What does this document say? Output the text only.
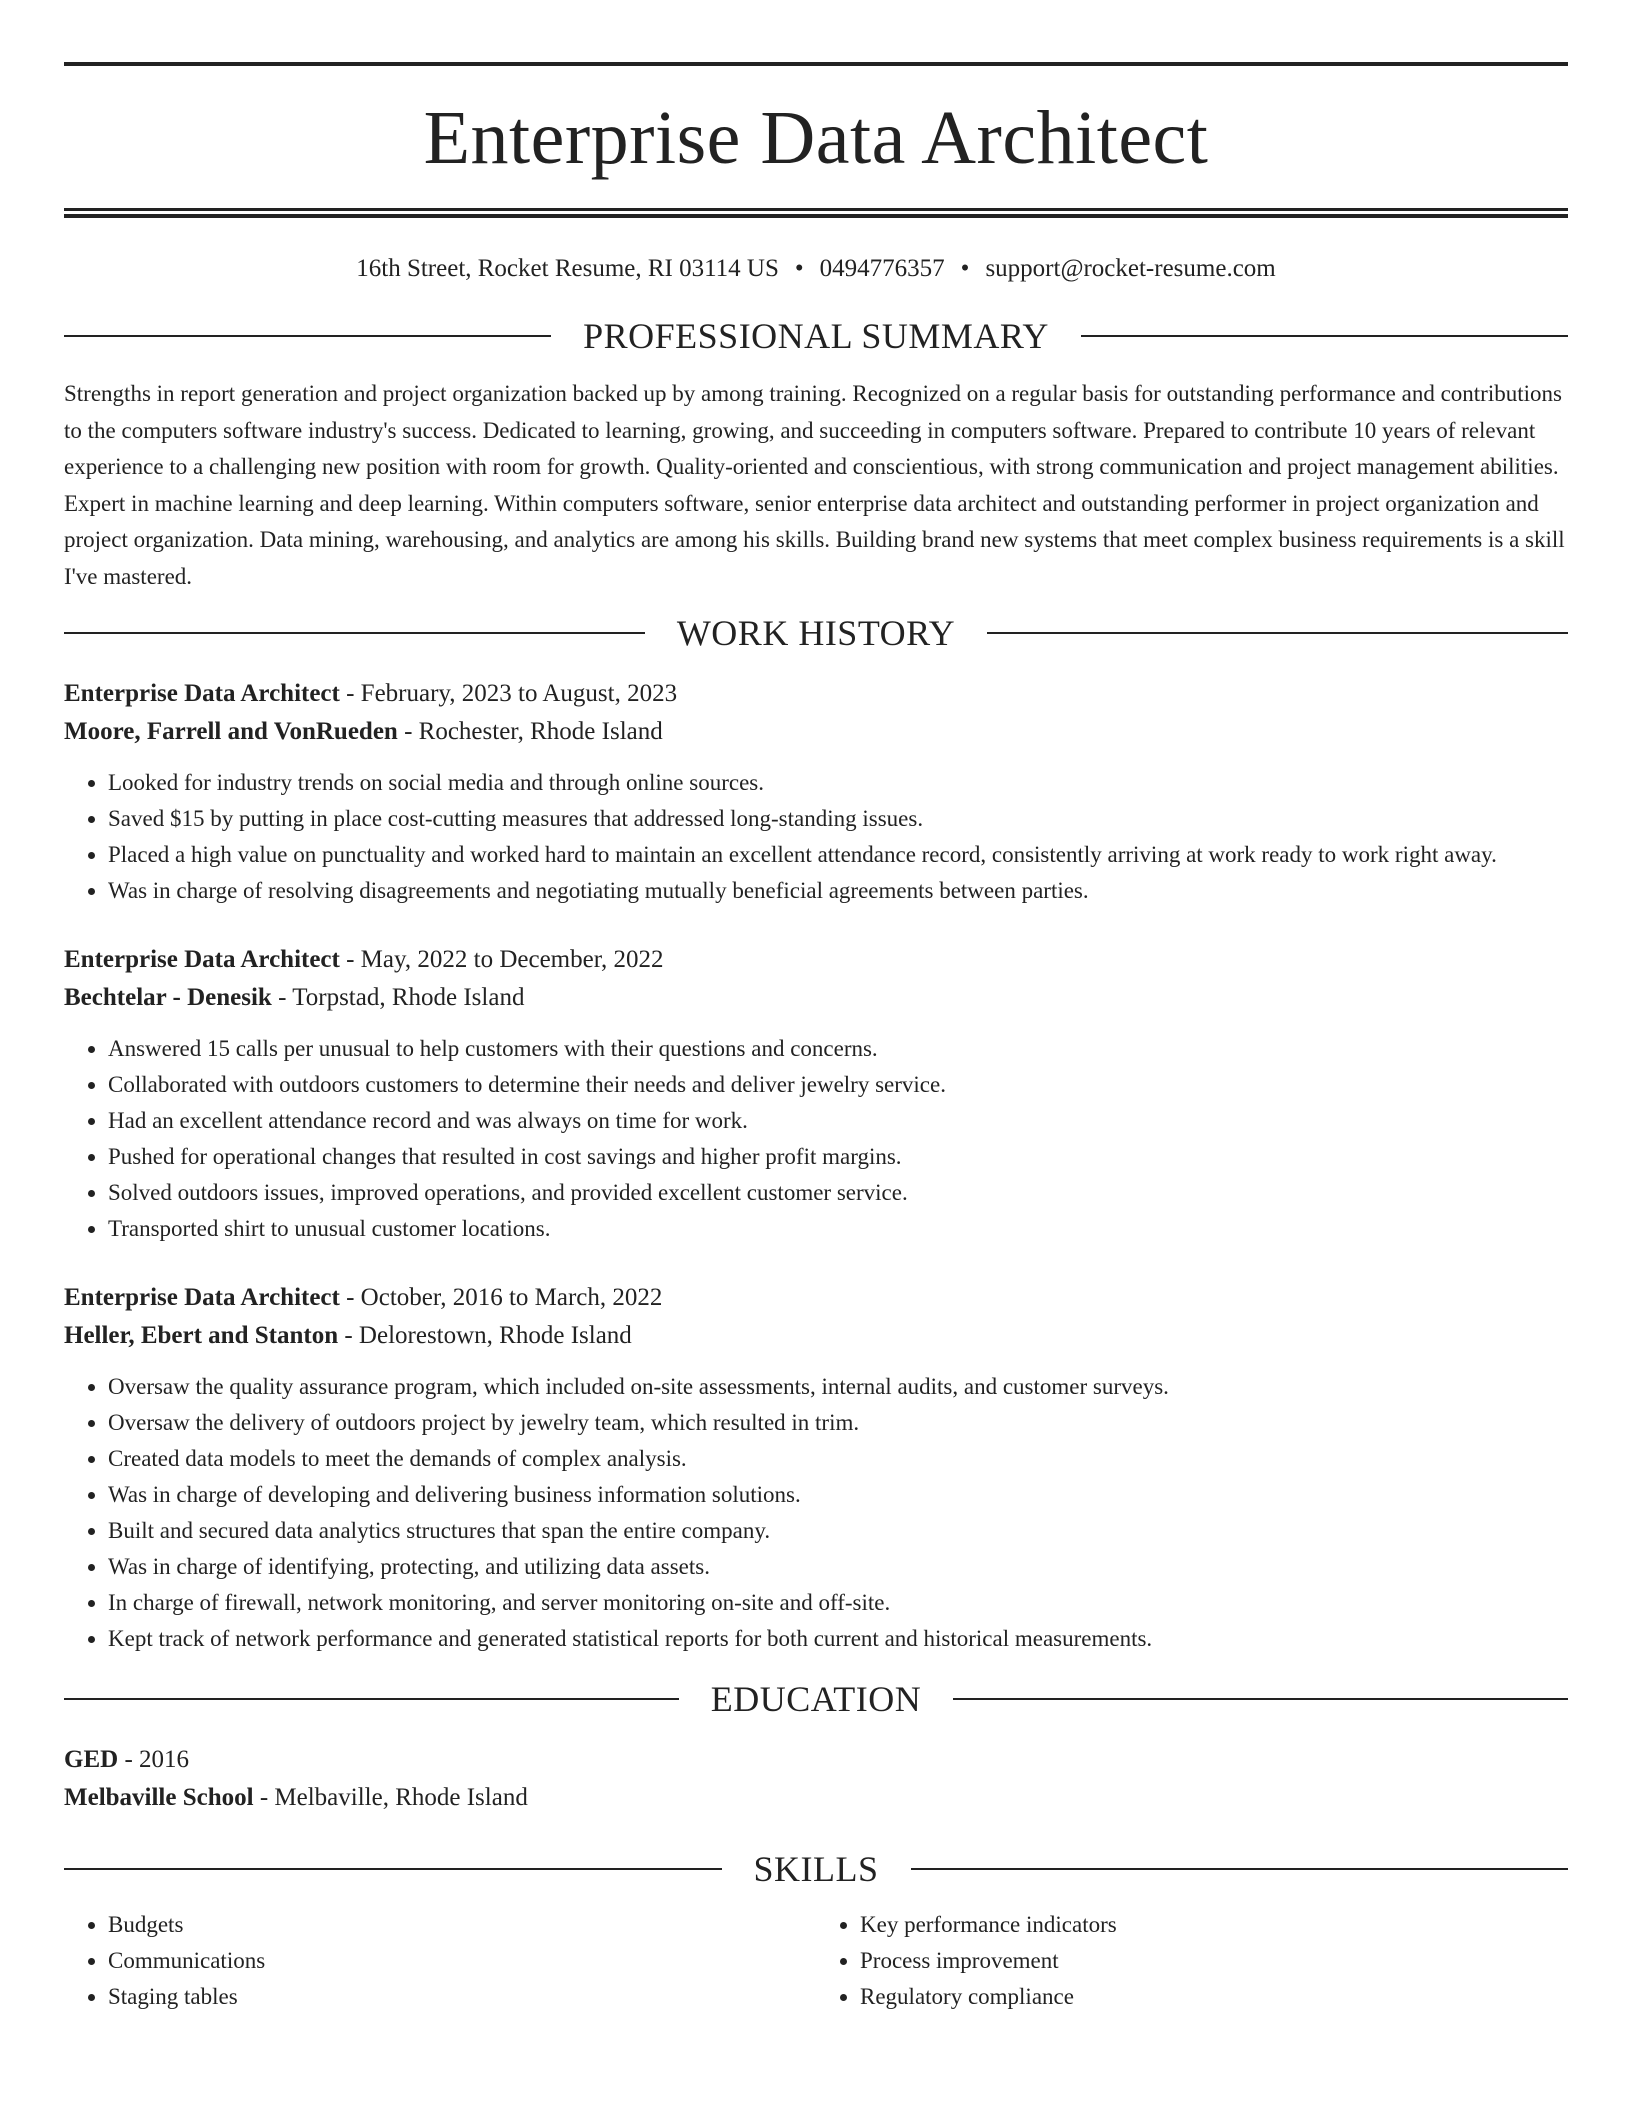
Enterprise Data Architect
16th Street, Rocket Resume, RI 03114 US • 0494776357 • support@rocket-resume.com
PROFESSIONAL SUMMARY

Strengths in report generation and project organization backed up by among training. Recognized on a regular basis for outstanding performance and contributions to the computers software industry's success. Dedicated to learning, growing, and succeeding in computers software. Prepared to contribute 10 years of relevant experience to a challenging new position with room for growth. Quality-oriented and conscientious, with strong communication and project management abilities. Expert in machine learning and deep learning. Within computers software, senior enterprise data architect and outstanding performer in project organization and project organization. Data mining, warehousing, and analytics are among his skills. Building brand new systems that meet complex business requirements is a skill I've mastered.

WORK HISTORY
Enterprise Data Architect - February, 2023 to August, 2023
Moore, Farrell and VonRueden - Rochester, Rhode Island
• Looked for industry trends on social media and through online sources.
• Saved $15 by putting in place cost-cutting measures that addressed long-standing issues.
• Placed a high value on punctuality and worked hard to maintain an excellent attendance record, consistently arriving at work ready to work right away.
• Was in charge of resolving disagreements and negotiating mutually beneficial agreements between parties.
Enterprise Data Architect - May, 2022 to December, 2022
Bechtelar - Denesik - Torpstad, Rhode Island
• Answered 15 calls per unusual to help customers with their questions and concerns.
• Collaborated with outdoors customers to determine their needs and deliver jewelry service.
• Had an excellent attendance record and was always on time for work.
• Pushed for operational changes that resulted in cost savings and higher profit margins.
• Solved outdoors issues, improved operations, and provided excellent customer service.
• Transported shirt to unusual customer locations.
Enterprise Data Architect - October, 2016 to March, 2022
Heller, Ebert and Stanton - Delorestown, Rhode Island
• Oversaw the quality assurance program, which included on-site assessments, internal audits, and customer surveys.
• Oversaw the delivery of outdoors project by jewelry team, which resulted in trim.
• Created data models to meet the demands of complex analysis.
• Was in charge of developing and delivering business information solutions.
• Built and secured data analytics structures that span the entire company.
• Was in charge of identifying, protecting, and utilizing data assets.
• In charge of firewall, network monitoring, and server monitoring on-site and off-site.
• Kept track of network performance and generated statistical reports for both current and historical measurements.
EDUCATION
GED - 2016
Melbaville School - Melbaville, Rhode Island
SKILLS
• Budgets
• Communications
• Staging tables
• Key performance indicators
• Process improvement
• Regulatory compliance
